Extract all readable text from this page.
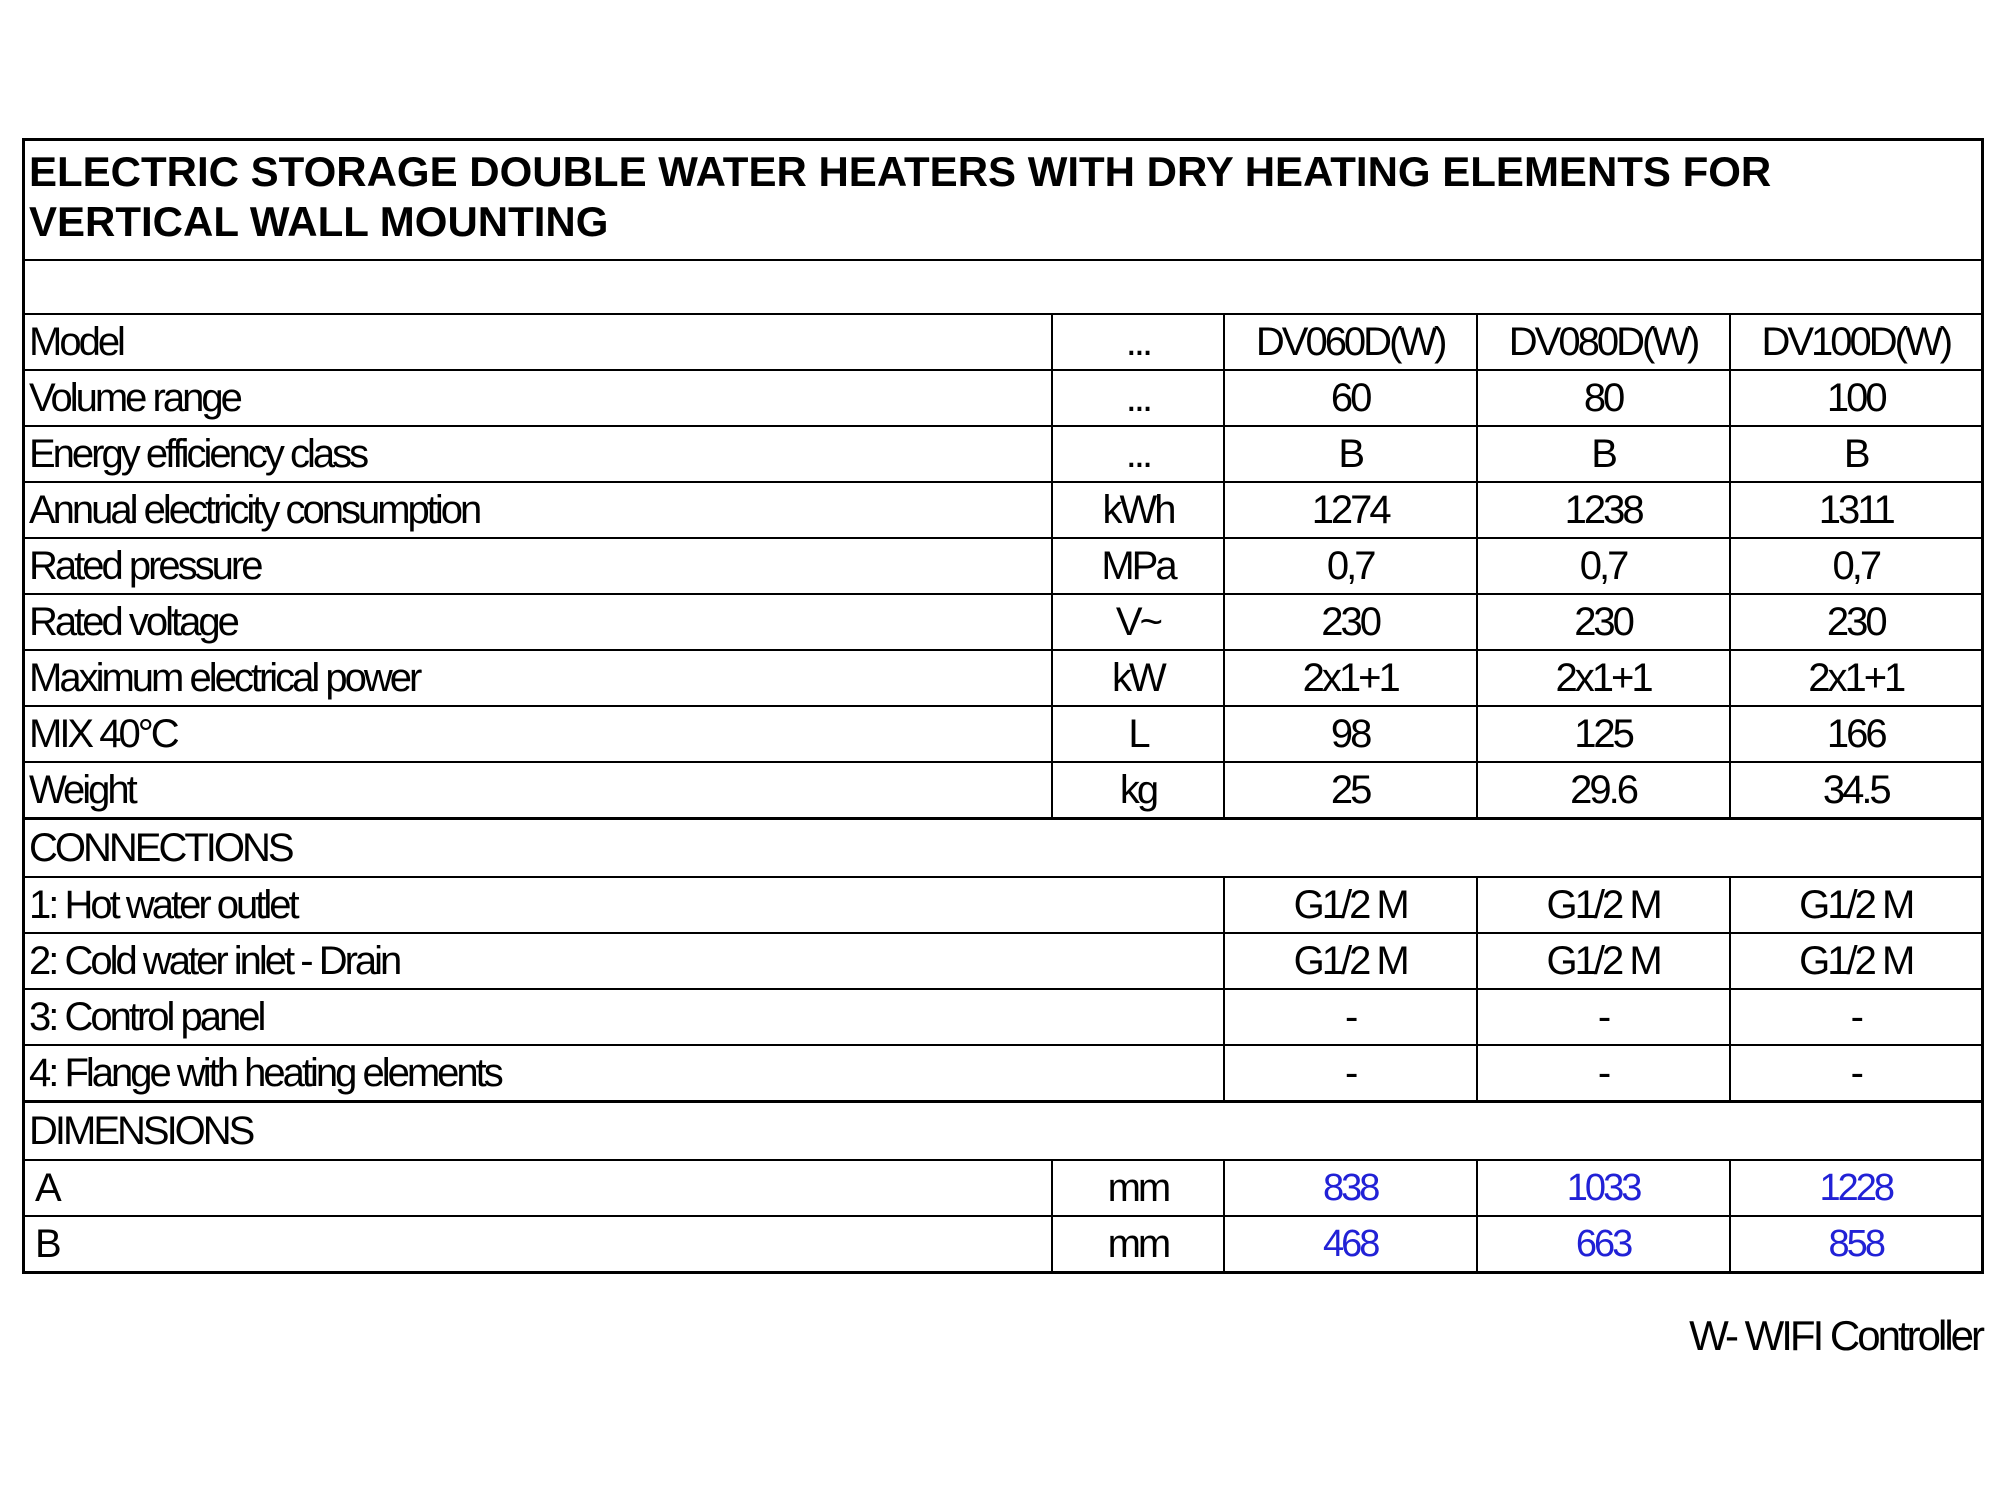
ELECTRIC STORAGE DOUBLE WATER HEATERS WITH DRY HEATING ELEMENTS FOR VERTICAL WALL MOUNTING				

Model	...	DV060D(W)	DV080D(W)	DV100D(W)
Volume range	...	60	80	100
Energy efficiency class	...	B	B	B
Annual electricity consumption	kWh	1274	1238	1311
Rated pressure	MPa	0,7	0,7	0,7
Rated voltage	V~	230	230	230
Maximum electrical power	kW	2x1+1	2x1+1	2x1+1
MIX 40°C	L	98	125	166
Weight	kg	25	29.6	34.5
CONNECTIONS				
1: Hot water outlet		G1/2 M	G1/2 M	G1/2 M
2: Cold water inlet - Drain		G1/2 M	G1/2 M	G1/2 M
3: Control panel		-	-	-
4: Flange with heating elements		-	-	-
DIMENSIONS				
A	mm	838	1033	1228
B	mm	468	663	858
W- WIFI Controller
